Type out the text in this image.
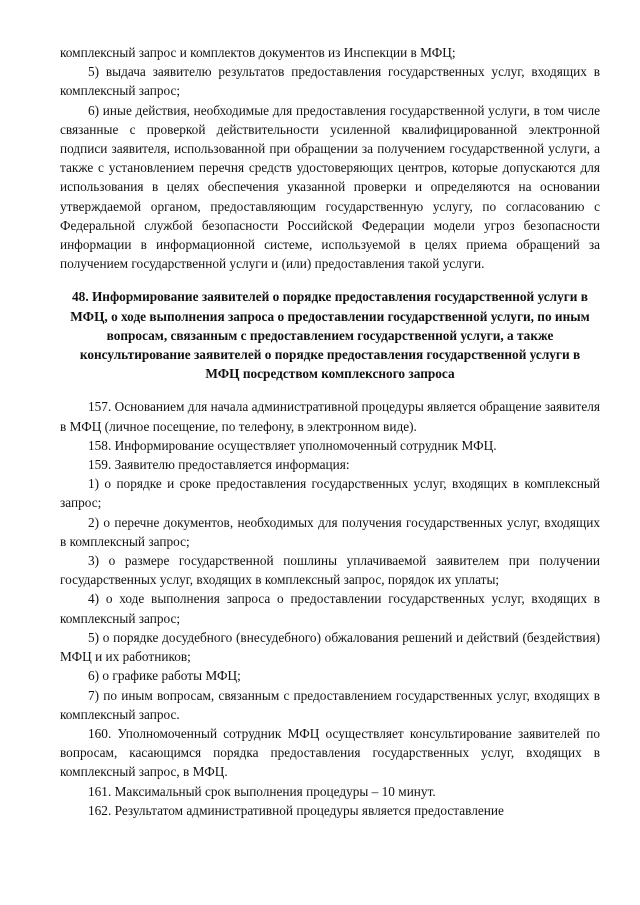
комплексный запрос и комплектов документов из Инспекции в МФЦ;

5) выдача заявителю результатов предоставления государственных услуг, входящих в комплексный запрос;

6) иные действия, необходимые для предоставления государственной услуги, в том числе связанные с проверкой действительности усиленной квалифицированной электронной подписи заявителя, использованной при обращении за получением государственной услуги, а также с установлением перечня средств удостоверяющих центров, которые допускаются для использования в целях обеспечения указанной проверки и определяются на основании утверждаемой органом, предоставляющим государственную услугу, по согласованию с Федеральной службой безопасности Российской Федерации модели угроз безопасности информации в информационной системе, используемой в целях приема обращений за получением государственной услуги и (или) предоставления такой услуги.

48. Информирование заявителей о порядке предоставления государственной услуги в МФЦ, о ходе выполнения запроса о предоставлении государственной услуги, по иным вопросам, связанным с предоставлением государственной услуги, а также консультирование заявителей о порядке предоставления государственной услуги в МФЦ посредством комплексного запроса

157. Основанием для начала административной процедуры является обращение заявителя в МФЦ (личное посещение, по телефону, в электронном виде).

158. Информирование осуществляет уполномоченный сотрудник МФЦ.

159. Заявителю предоставляется информация:

1) о порядке и сроке предоставления государственных услуг, входящих в комплексный запрос;

2) о перечне документов, необходимых для получения государственных услуг, входящих в комплексный запрос;

3) о размере государственной пошлины уплачиваемой заявителем при получении государственных услуг, входящих в комплексный запрос, порядок их уплаты;

4) о ходе выполнения запроса о предоставлении государственных услуг, входящих в комплексный запрос;

5) о порядке досудебного (внесудебного) обжалования решений и действий (бездействия) МФЦ и их работников;

6) о графике работы МФЦ;

7) по иным вопросам, связанным с предоставлением государственных услуг, входящих в комплексный запрос.

160. Уполномоченный сотрудник МФЦ осуществляет консультирование заявителей по вопросам, касающимся порядка предоставления государственных услуг, входящих в комплексный запрос, в МФЦ.

161. Максимальный срок выполнения процедуры – 10 минут.

162. Результатом административной процедуры является предоставление
